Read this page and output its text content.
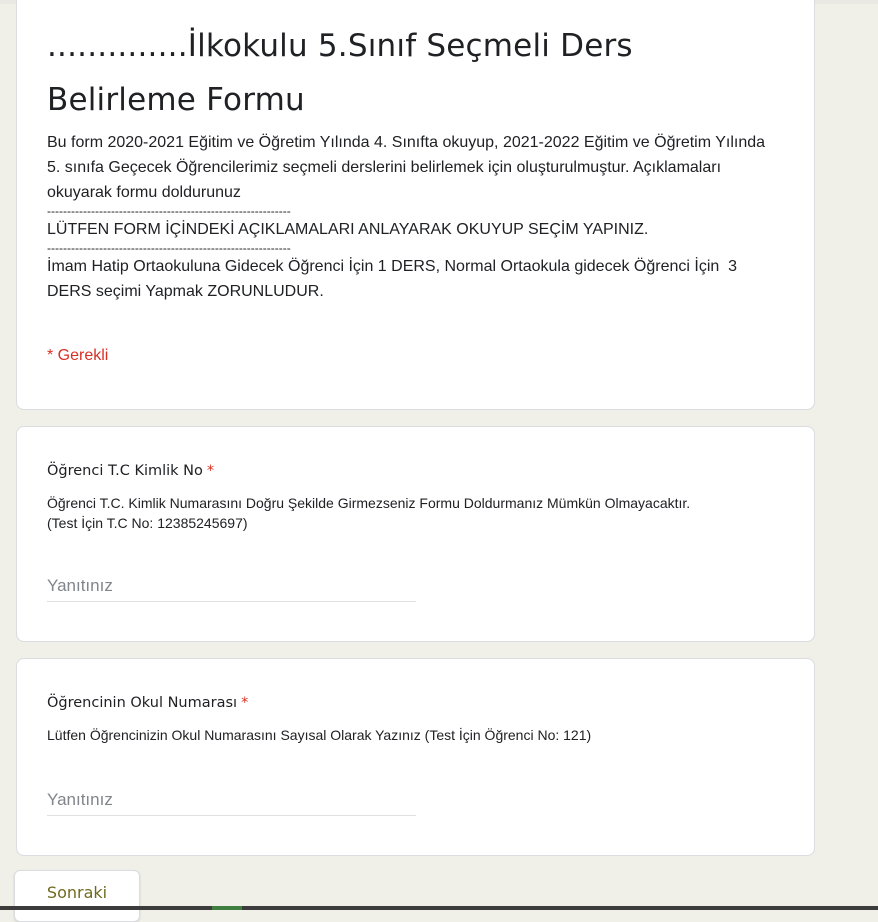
..............İlkokulu 5.Sınıf Seçmeli Ders Belirleme Formu

Bu form 2020-2021 Eğitim ve Öğretim Yılında 4. Sınıfta okuyup, 2021-2022 Eğitim ve Öğretim Yılında 5. sınıfa Geçecek Öğrencilerimiz seçmeli derslerini belirlemek için oluşturulmuştur. Açıklamaları okuyarak formu doldurunuz

-------------------------------------------------------------

LÜTFEN FORM İÇİNDEKİ AÇIKLAMALARI ANLAYARAK OKUYUP SEÇİM YAPINIZ.

-------------------------------------------------------------

İmam Hatip Ortaokuluna Gidecek Öğrenci İçin 1 DERS, Normal Ortaokula gidecek Öğrenci İçin  3 DERS seçimi Yapmak ZORUNLUDUR.

* Gerekli
Öğrenci T.C Kimlik No *

Öğrenci T.C. Kimlik Numarasını Doğru Şekilde Girmezseniz Formu Doldurmanız Mümkün Olmayacaktır.

(Test İçin T.C No: 12385245697)

Yanıtınız
Öğrencinin Okul Numarası *

Lütfen Öğrencinizin Okul Numarasını Sayısal Olarak Yazınız (Test İçin Öğrenci No: 121)

Yanıtınız
Sonraki
